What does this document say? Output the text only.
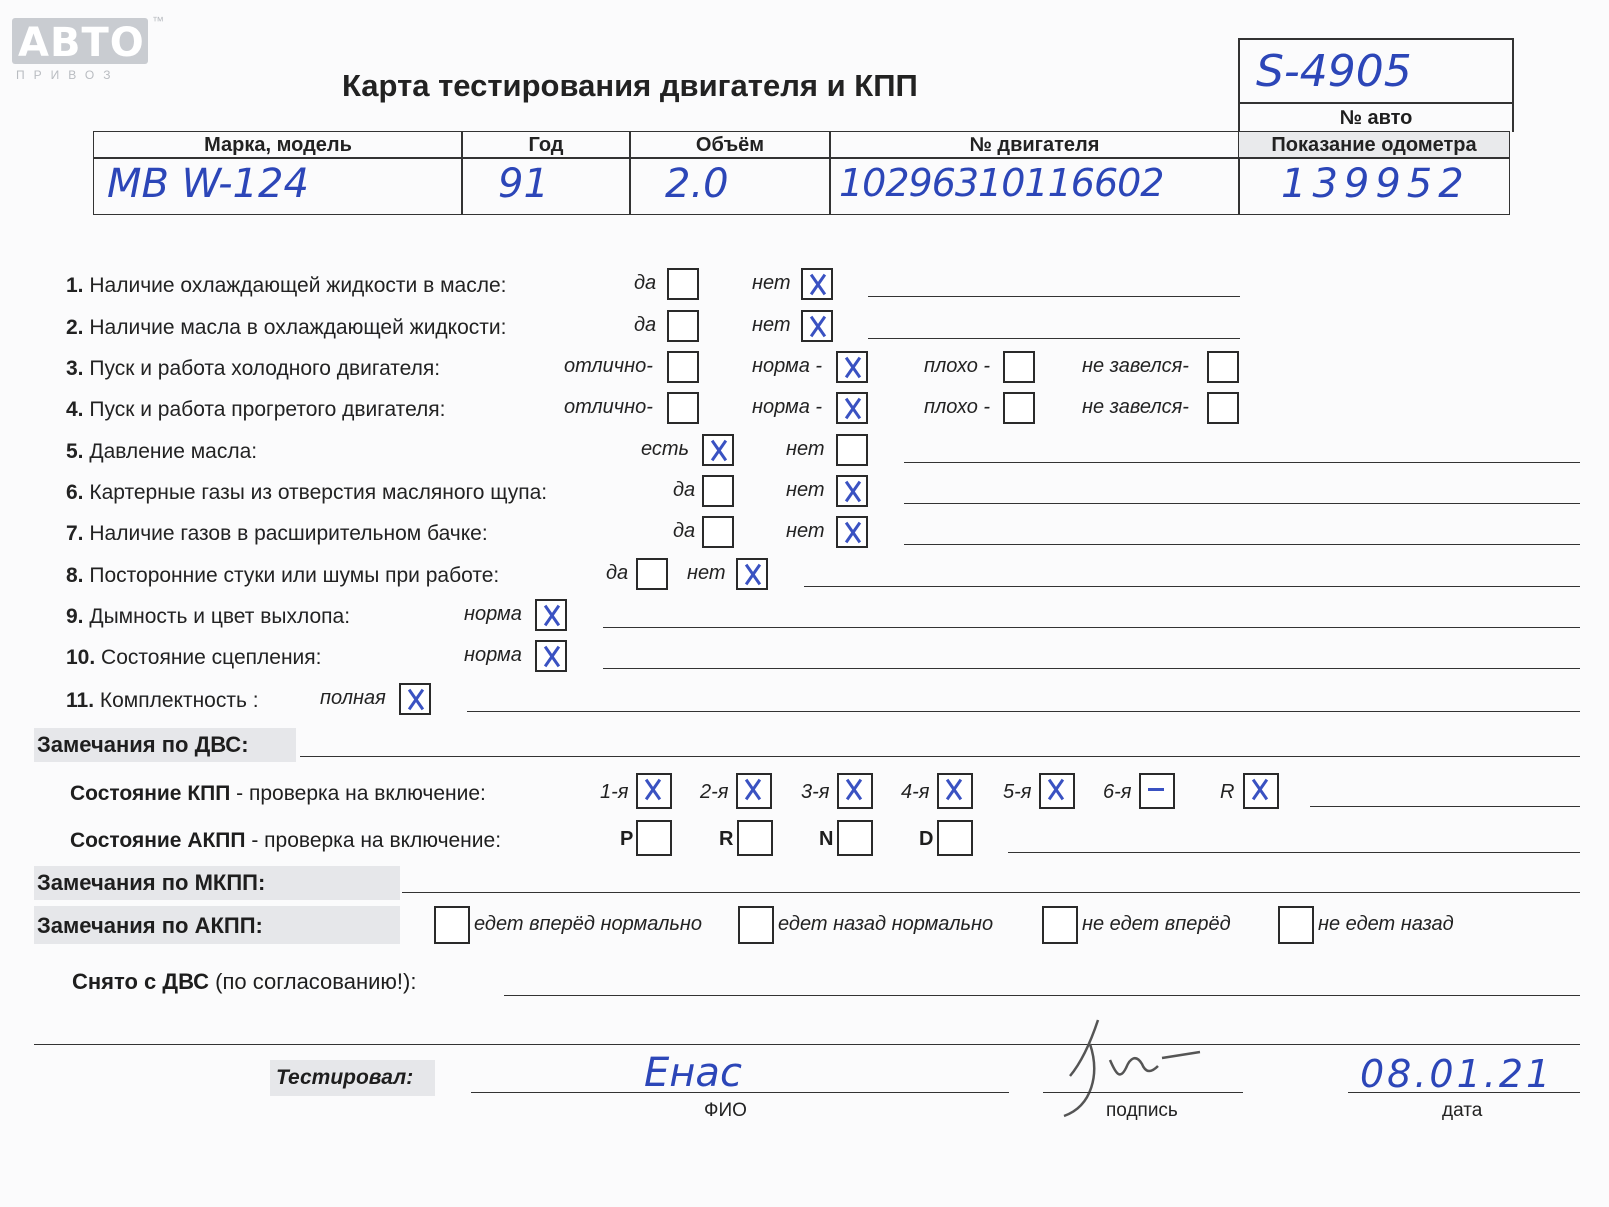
АВТО ™
ПРИВОЗ	Карта тестирования двигателя и КПП	S-4905
№ авто
Марка, модель	Год	Объём	№ двигателя	Показание одометра
MB W-124	91	2.0	10296310116602	139952
1. Наличие охлаждающей жидкости в масле:	да	нет
2. Наличие масла в охлаждающей жидкости:	да	нет
3. Пуск и работа холодного двигателя:	отлично-	норма -	плохо -	не завелся-
4. Пуск и работа прогретого двигателя:	отлично-	норма -	плохо -	не завелся-
5. Давление масла:	есть	нет
6. Картерные газы из отверстия масляного щупа:	да	нет
7. Наличие газов в расширительном бачке:	да	нет
8. Посторонние стуки или шумы при работе:	да	нет
9. Дымность и цвет выхлопа:	норма
10. Состояние сцепления:	норма
11. Комплектность :	полная
Замечания по ДВС:
Состояние КПП - проверка на включение:	1-я	2-я	3-я	4-я	5-я	6-я	R
Состояние АКПП - проверка на включение:	P	R	N	D
Замечания по МКПП:
Замечания по АКПП:	едет вперёд нормально	едет назад нормально	не едет вперёд	не едет назад
Снято с ДВС (по согласованию!):
Тестировал:	Енас
ФИО	подпись
08.01.21
дата
